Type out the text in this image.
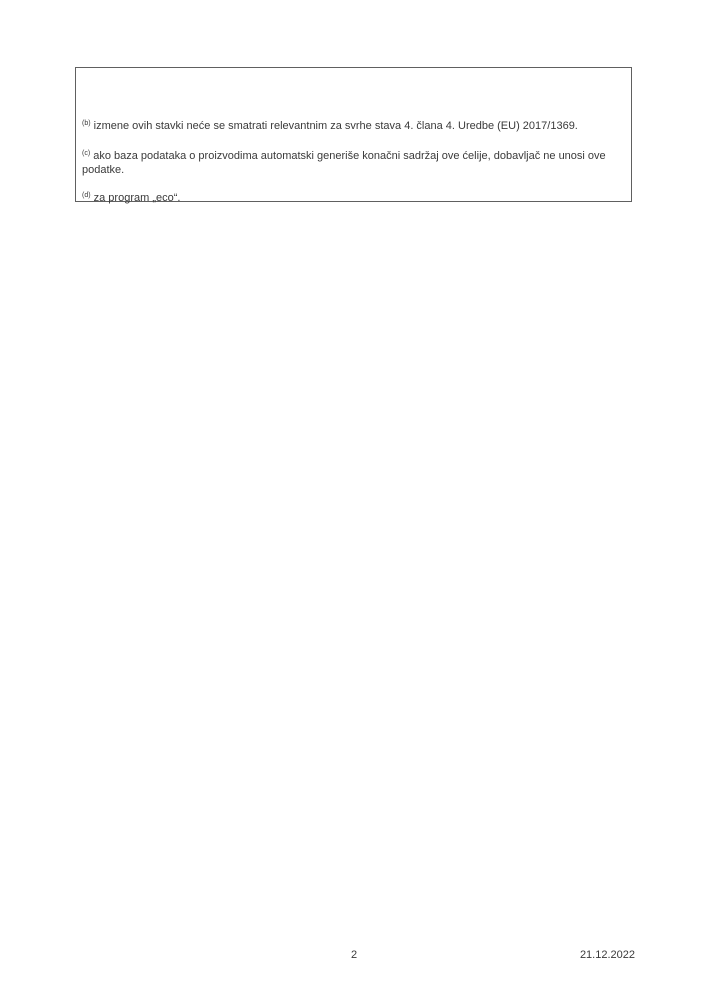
$^{(b)}$ izmene ovih stavki neće se smatrati relevantnim za svrhe stava 4. člana 4. Uredbe (EU) 2017/1369.

$^{(c)}$ ako baza podataka o proizvodima automatski generiše konačni sadržaj ove ćelije, dobavljač ne unosi ove podatke.

$^{(d)}$ za program „eco“.

2	21.12.2022
